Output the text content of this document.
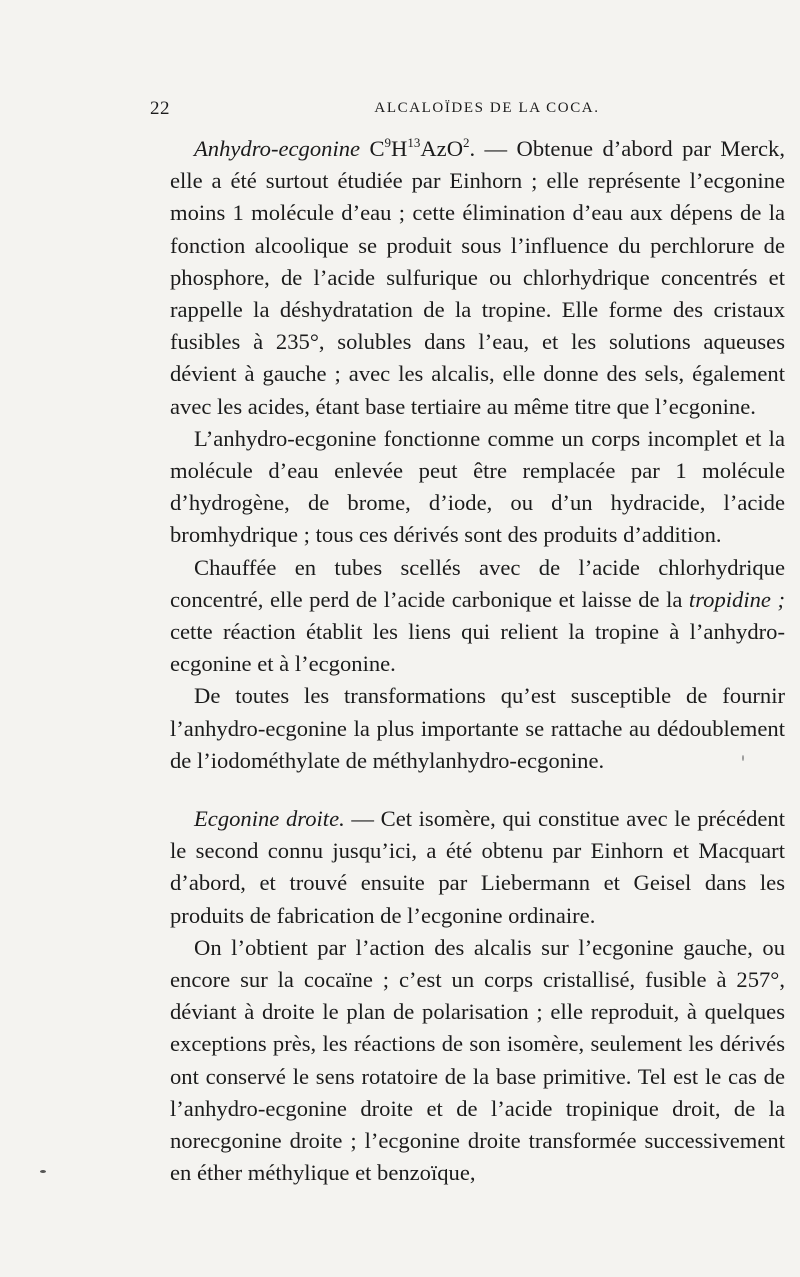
22	ALCALOÏDES DE LA COCA.

Anhydro-ecgonine $C^9H^{13}AzO^2$. — Obtenue d’abord par Merck, elle a été surtout étudiée par Einhorn ; elle représente l’ecgonine moins 1 molécule d’eau ; cette élimination d’eau aux dépens de la fonction alcoolique se produit sous l’influence du perchlorure de phosphore, de l’acide sulfurique ou chlorhydrique concentrés et rappelle la déshydratation de la tropine. Elle forme des cristaux fusibles à 235°, solubles dans l’eau, et les solutions aqueuses dévient à gauche ; avec les alcalis, elle donne des sels, également avec les acides, étant base tertiaire au même titre que l’ecgonine.

L’anhydro-ecgonine fonctionne comme un corps incomplet et la molécule d’eau enlevée peut être remplacée par 1 molécule d’hydrogène, de brome, d’iode, ou d’un hydracide, l’acide bromhydrique ; tous ces dérivés sont des produits d’addition.

Chauffée en tubes scellés avec de l’acide chlorhydrique concentré, elle perd de l’acide carbonique et laisse de la tropidine ; cette réaction établit les liens qui relient la tropine à l’anhydro-ecgonine et à l’ecgonine.

De toutes les transformations qu’est susceptible de fournir l’anhydro-ecgonine la plus importante se rattache au dédoublement de l’iodométhylate de méthylanhydro-ecgonine.

Ecgonine droite. — Cet isomère, qui constitue avec le précédent le second connu jusqu’ici, a été obtenu par Einhorn et Macquart d’abord, et trouvé ensuite par Liebermann et Geisel dans les produits de fabrication de l’ecgonine ordinaire.

On l’obtient par l’action des alcalis sur l’ecgonine gauche, ou encore sur la cocaïne ; c’est un corps cristallisé, fusible à 257°, déviant à droite le plan de polarisation ; elle reproduit, à quelques exceptions près, les réactions de son isomère, seulement les dérivés ont conservé le sens rotatoire de la base primitive. Tel est le cas de l’anhydro-ecgonine droite et de l’acide tropinique droit, de la norecgonine droite ; l’ecgonine droite transformée successivement en éther méthylique et benzoïque,
